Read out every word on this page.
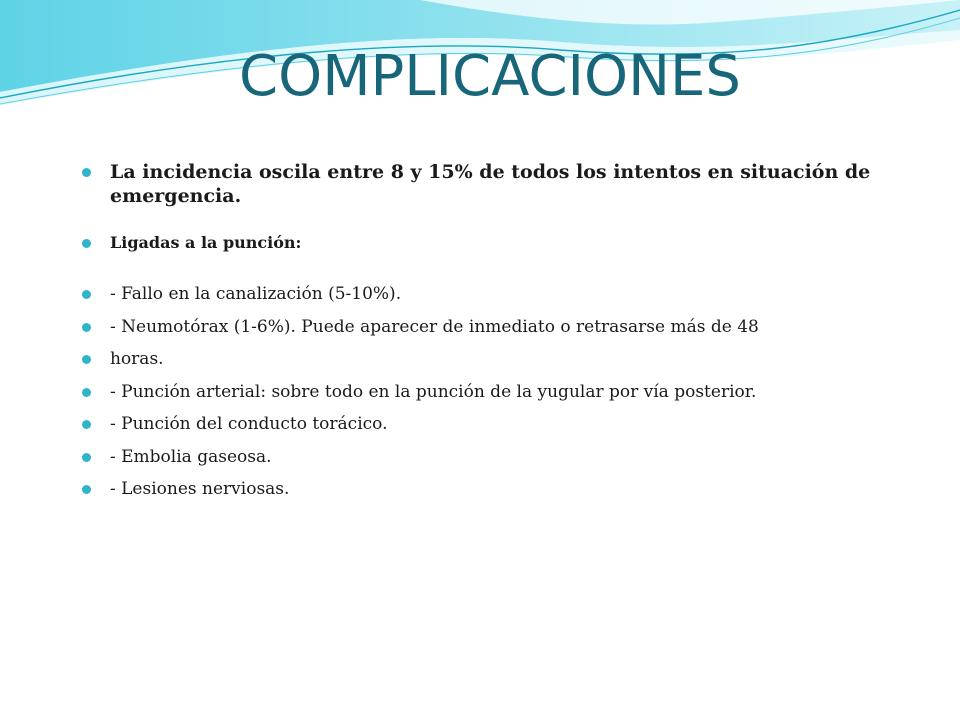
COMPLICACIONES
La incidencia oscila entre 8 y 15% de todos los intentos en situación de emergencia.
Ligadas a la punción:
- Fallo en la canalización (5-10%).
- Neumotórax (1-6%). Puede aparecer de inmediato o retrasarse más de 48
horas.
- Punción arterial: sobre todo en la punción de la yugular por vía posterior.
- Punción del conducto torácico.
- Embolia gaseosa.
- Lesiones nerviosas.
